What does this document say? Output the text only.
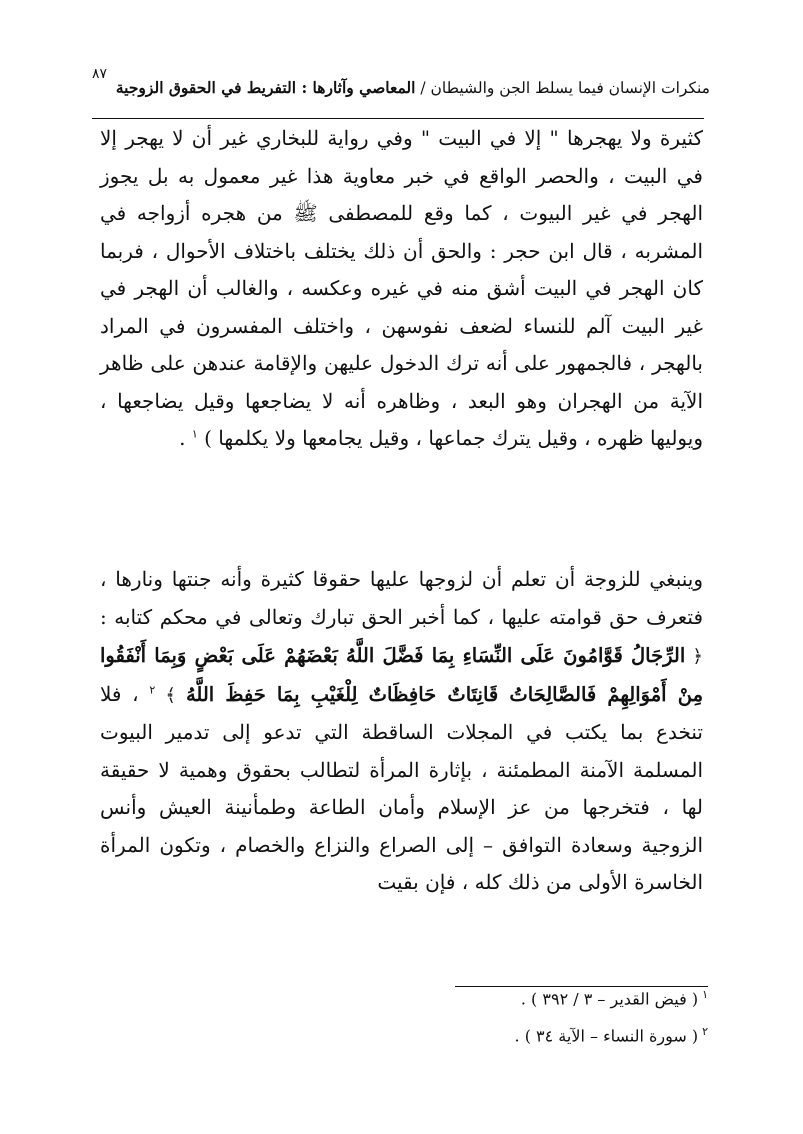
٨٧
منكرات الإنسان فيما يسلط الجن والشيطان / المعاصي وآثارها : التفريط في الحقوق الزوجية

كثيرة ولا يهجرها " إلا في البيت " وفي رواية للبخاري غير أن لا يهجر إلا في البيت ، والحصر الواقع في خبر معاوية هذا غير معمول به بل يجوز الهجر في غير البيوت ، كما وقع للمصطفى ﷺ من هجره أزواجه في المشربه ، قال ابن حجر : والحق أن ذلك يختلف باختلاف الأحوال ، فربما كان الهجر في البيت أشق منه في غيره وعكسه ، والغالب أن الهجر في غير البيت آلم للنساء لضعف نفوسهن ، واختلف المفسرون في المراد بالهجر ، فالجمهور على أنه ترك الدخول عليهن والإقامة عندهن على ظاهر الآية من الهجران وهو البعد ، وظاهره أنه لا يضاجعها وقيل يضاجعها ، ويوليها ظهره ، وقيل يترك جماعها ، وقيل يجامعها ولا يكلمها ) $^١$ .

وينبغي للزوجة أن تعلم أن لزوجها عليها حقوقا كثيرة وأنه جنتها ونارها ، فتعرف حق قوامته عليها ، كما أخبر الحق تبارك وتعالى في محكم كتابه : ﴿ الرِّجَالُ قَوَّامُونَ عَلَى النِّسَاءِ بِمَا فَضَّلَ اللَّهُ بَعْضَهُمْ عَلَى بَعْضٍ وَبِمَا أَنْفَقُوا مِنْ أَمْوَالِهِمْ فَالصَّالِحَاتُ قَانِتَاتٌ حَافِظَاتٌ لِلْغَيْبِ بِمَا حَفِظَ اللَّهُ ﴾ $^٢$ ، فلا تنخدع بما يكتب في المجلات الساقطة التي تدعو إلى تدمير البيوت المسلمة الآمنة المطمئنة ، بإثارة المرأة لتطالب بحقوق وهمية لا حقيقة لها ، فتخرجها من عز الإسلام وأمان الطاعة وطمأنينة العيش وأنس الزوجية وسعادة التوافق – إلى الصراع والنزاع والخصام ، وتكون المرأة الخاسرة الأولى من ذلك كله ، فإن بقيت

$^١$( فيض القدير – ٣ / ٣٩٢ ) .
$^٢$( سورة النساء – الآية ٣٤ ) .
